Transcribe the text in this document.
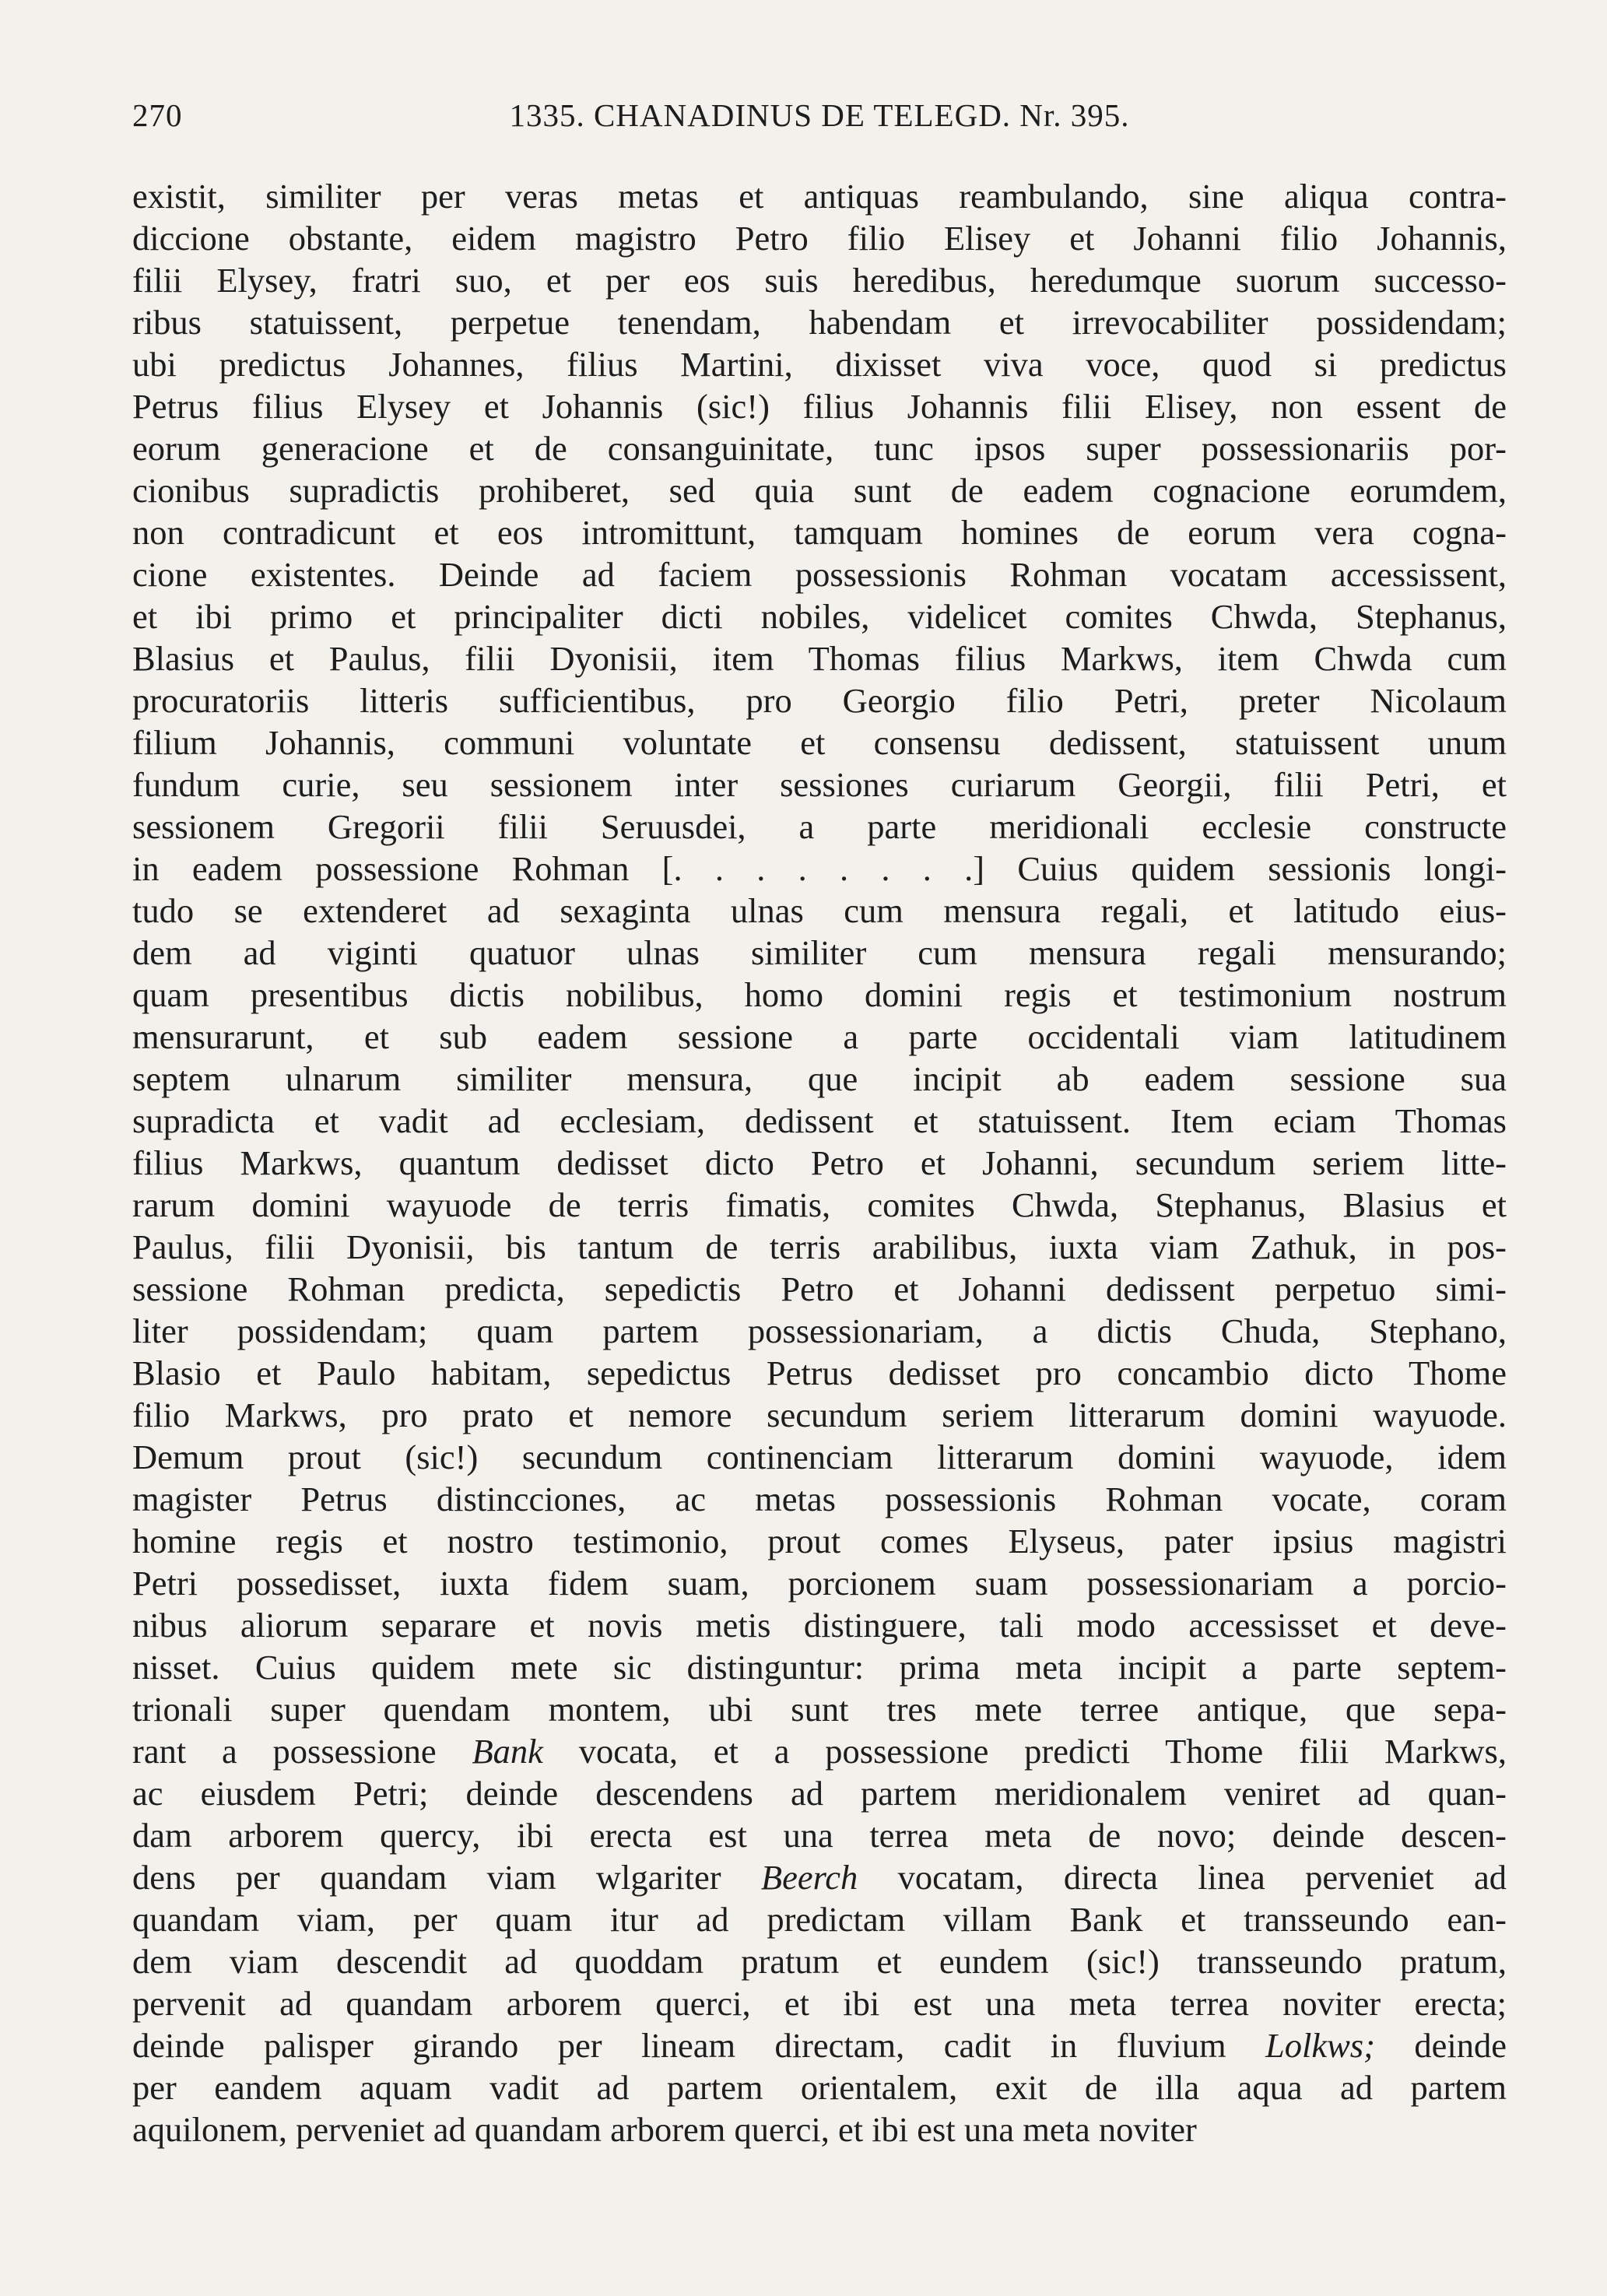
270	1335. CHANADINUS DE TELEGD. Nr. 395.
existit, similiter per veras metas et antiquas reambulando, sine aliqua contra-
diccione obstante, eidem magistro Petro filio Elisey et Johanni filio Johannis,
filii Elysey, fratri suo, et per eos suis heredibus, heredumque suorum successo-
ribus statuissent, perpetue tenendam, habendam et irrevocabiliter possidendam;
ubi predictus Johannes, filius Martini, dixisset viva voce, quod si predictus
Petrus filius Elysey et Johannis (sic!) filius Johannis filii Elisey, non essent de
eorum generacione et de consanguinitate, tunc ipsos super possessionariis por-
cionibus supradictis prohiberet, sed quia sunt de eadem cognacione eorumdem,
non contradicunt et eos intromittunt, tamquam homines de eorum vera cogna-
cione existentes. Deinde ad faciem possessionis Rohman vocatam accessissent,
et ibi primo et principaliter dicti nobiles, videlicet comites Chwda, Stephanus,
Blasius et Paulus, filii Dyonisii, item Thomas filius Markws, item Chwda cum
procuratoriis litteris sufficientibus, pro Georgio filio Petri, preter Nicolaum
filium Johannis, communi voluntate et consensu dedissent, statuissent unum
fundum curie, seu sessionem inter sessiones curiarum Georgii, filii Petri, et
sessionem Gregorii filii Seruusdei, a parte meridionali ecclesie constructe
in eadem possessione Rohman [. . . . . . . .] Cuius quidem sessionis longi-
tudo se extenderet ad sexaginta ulnas cum mensura regali, et latitudo eius-
dem ad viginti quatuor ulnas similiter cum mensura regali mensurando;
quam presentibus dictis nobilibus, homo domini regis et testimonium nostrum
mensurarunt, et sub eadem sessione a parte occidentali viam latitudinem
septem ulnarum similiter mensura, que incipit ab eadem sessione sua
supradicta et vadit ad ecclesiam, dedissent et statuissent. Item eciam Thomas
filius Markws, quantum dedisset dicto Petro et Johanni, secundum seriem litte-
rarum domini wayuode de terris fimatis, comites Chwda, Stephanus, Blasius et
Paulus, filii Dyonisii, bis tantum de terris arabilibus, iuxta viam Zathuk, in pos-
sessione Rohman predicta, sepedictis Petro et Johanni dedissent perpetuo simi-
liter possidendam; quam partem possessionariam, a dictis Chuda, Stephano,
Blasio et Paulo habitam, sepedictus Petrus dedisset pro concambio dicto Thome
filio Markws, pro prato et nemore secundum seriem litterarum domini wayuode.
Demum prout (sic!) secundum continenciam litterarum domini wayuode, idem
magister Petrus distincciones, ac metas possessionis Rohman vocate, coram
homine regis et nostro testimonio, prout comes Elyseus, pater ipsius magistri
Petri possedisset, iuxta fidem suam, porcionem suam possessionariam a porcio-
nibus aliorum separare et novis metis distinguere, tali modo accessisset et deve-
nisset. Cuius quidem mete sic distinguntur: prima meta incipit a parte septem-
trionali super quendam montem, ubi sunt tres mete terree antique, que sepa-
rant a possessione Bank vocata, et a possessione predicti Thome filii Markws,
ac eiusdem Petri; deinde descendens ad partem meridionalem veniret ad quan-
dam arborem quercy, ibi erecta est una terrea meta de novo; deinde descen-
dens per quandam viam wlgariter Beerch vocatam, directa linea perveniet ad
quandam viam, per quam itur ad predictam villam Bank et transseundo ean-
dem viam descendit ad quoddam pratum et eundem (sic!) transseundo pratum,
pervenit ad quandam arborem querci, et ibi est una meta terrea noviter erecta;
deinde palisper girando per lineam directam, cadit in fluvium Lolkws; deinde
per eandem aquam vadit ad partem orientalem, exit de illa aqua ad partem
aquilonem, perveniet ad quandam arborem querci, et ibi est una meta noviter
